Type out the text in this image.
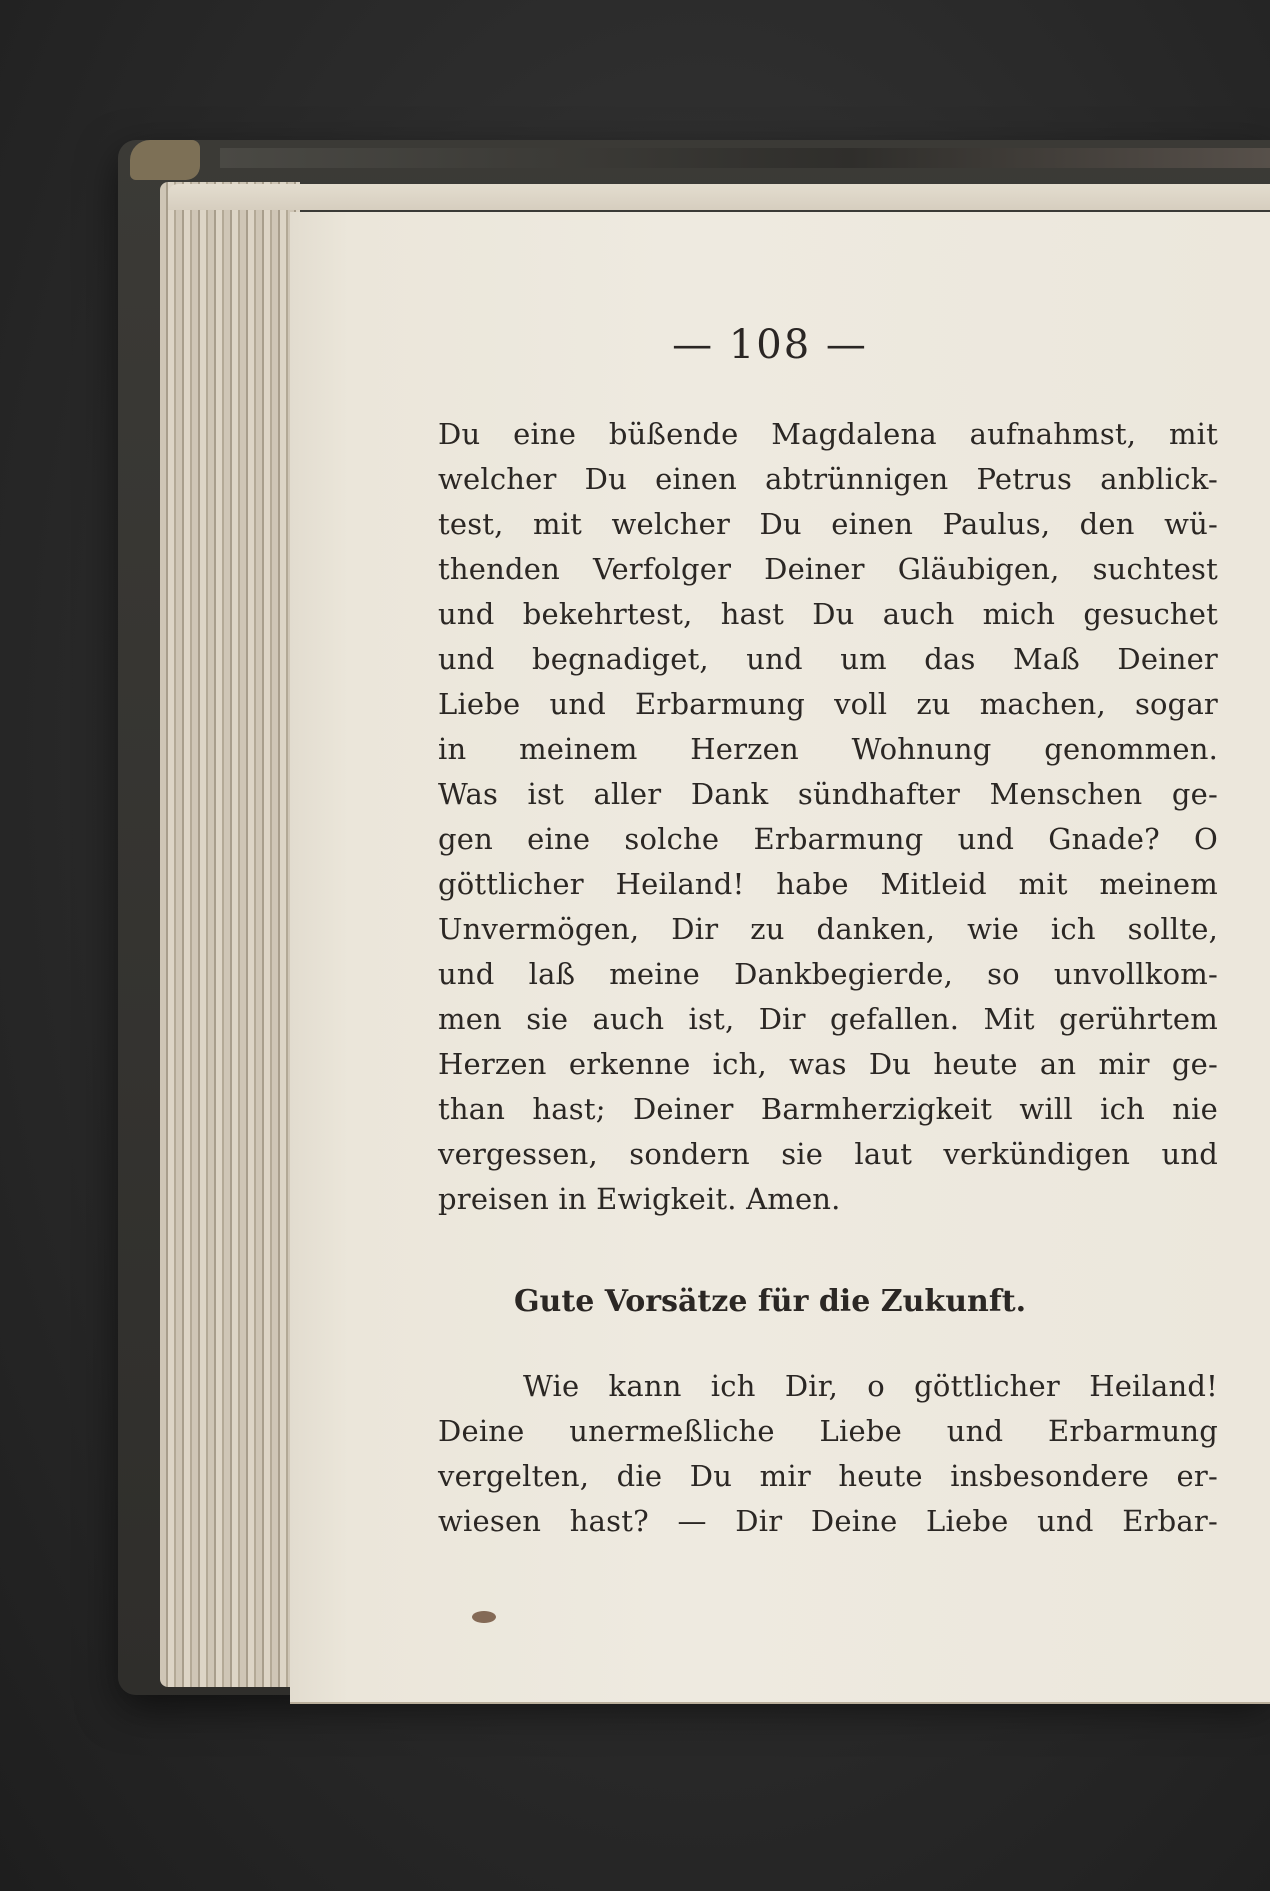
— 108 —
Du eine büßende Magdalena aufnahmst, mit
welcher Du einen abtrünnigen Petrus anblick-
test, mit welcher Du einen Paulus, den wü-
thenden Verfolger Deiner Gläubigen, suchtest
und bekehrtest, hast Du auch mich gesuchet
und begnadiget, und um das Maß Deiner
Liebe und Erbarmung voll zu machen, sogar
in meinem Herzen Wohnung genommen.
Was ist aller Dank sündhafter Menschen ge-
gen eine solche Erbarmung und Gnade? O
göttlicher Heiland! habe Mitleid mit meinem
Unvermögen, Dir zu danken, wie ich sollte,
und laß meine Dankbegierde, so unvollkom-
men sie auch ist, Dir gefallen. Mit gerührtem
Herzen erkenne ich, was Du heute an mir ge-
than hast; Deiner Barmherzigkeit will ich nie
vergessen, sondern sie laut verkündigen und
preisen in Ewigkeit. Amen.
Gute Vorsätze für die Zukunft.
Wie kann ich Dir, o göttlicher Heiland!
Deine unermeßliche Liebe und Erbarmung
vergelten, die Du mir heute insbesondere er-
wiesen hast? — Dir Deine Liebe und Erbar-
